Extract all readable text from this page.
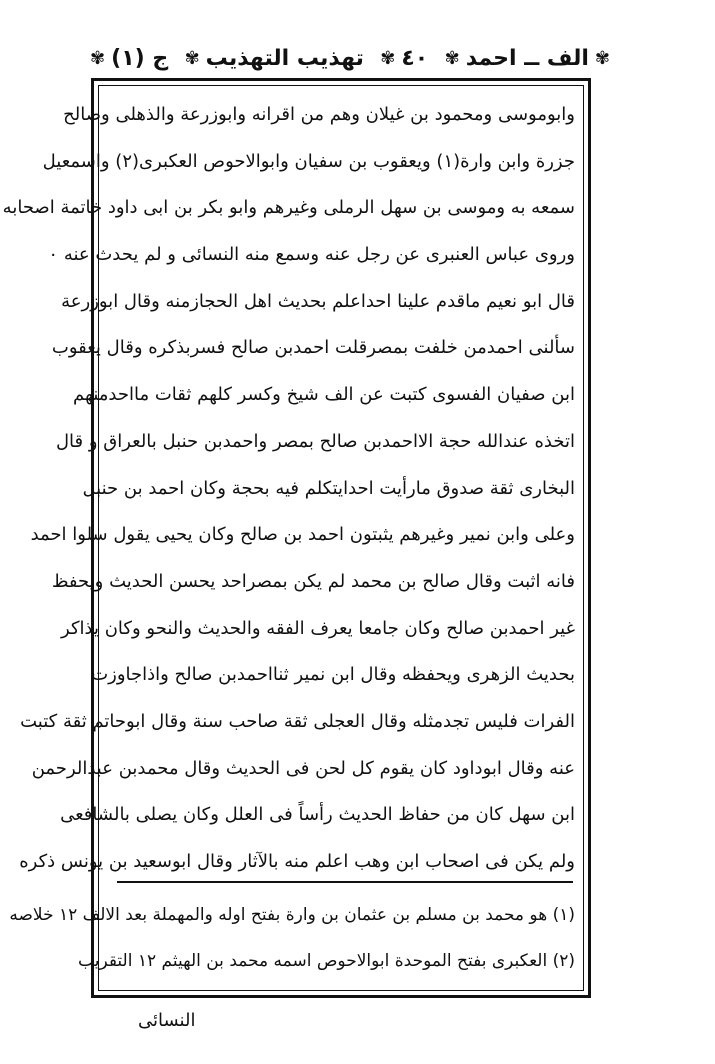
ج (١)
✾	تهذيب التهذيب
✾	٤٠
✾	✾
الف ــ احمد
✾
وابوموسى ومحمود بن غيلان وهم من اقرانه وابوزرعة والذهلى وصالح
جزرة وابن وارة(١) ويعقوب بن سفيان وابوالاحوص العكبرى(٢) واسمعيل
سمعه به وموسى بن سهل الرملى وغيرهم وابو بكر بن ابى داود خاتمة اصحابه
وروى عباس العنبرى عن رجل عنه وسمع منه النسائى و لم يحدث عنه ٠
قال ابو نعيم ماقدم علينا احداعلم بحديث اهل الحجازمنه وقال ابوزرعة
سألنى احمدمن خلفت بمصرقلت احمدبن صالح فسربذكره وقال يعقوب
ابن صفيان الفسوى كتبت عن الف شيخ وكسر كلهم ثقات مااحدمنهم
اتخذه عندالله حجة الااحمدبن صالح بمصر واحمدبن حنبل بالعراق و قال
البخارى ثقة صدوق مارأيت احدايتكلم فيه بحجة وكان احمد بن حنبل
وعلى وابن نمير وغيرهم يثبتون احمد بن صالح وكان يحيى يقول سلوا احمد
فانه اثبت وقال صالح بن محمد لم يكن بمصراحد يحسن الحديث ويحفظ
غير احمدبن صالح وكان جامعا يعرف الفقه والحديث والنحو وكان يذاكر
بحديث الزهرى ويحفظه وقال ابن نمير ثنااحمدبن صالح واذاجاوزت
الفرات فليس تجدمثله وقال العجلى ثقة صاحب سنة وقال ابوحاتم ثقة كتبت
عنه وقال ابوداود كان يقوم كل لحن فى الحديث وقال محمدبن عبدالرحمن
ابن سهل كان من حفاظ الحديث رأساً فى العلل وكان يصلى بالشافعى
ولم يكن فى اصحاب ابن وهب اعلم منه بالآثار وقال ابوسعيد بن يونس ذكره
(١) هو محمد بن مسلم بن عثمان بن وارة بفتح اوله والمهملة بعد الالف ١٢ خلاصه
(٢) العكبرى بفتح الموحدة ابوالاحوص اسمه محمد بن الهيثم ١٢ التقريب
النسائى
